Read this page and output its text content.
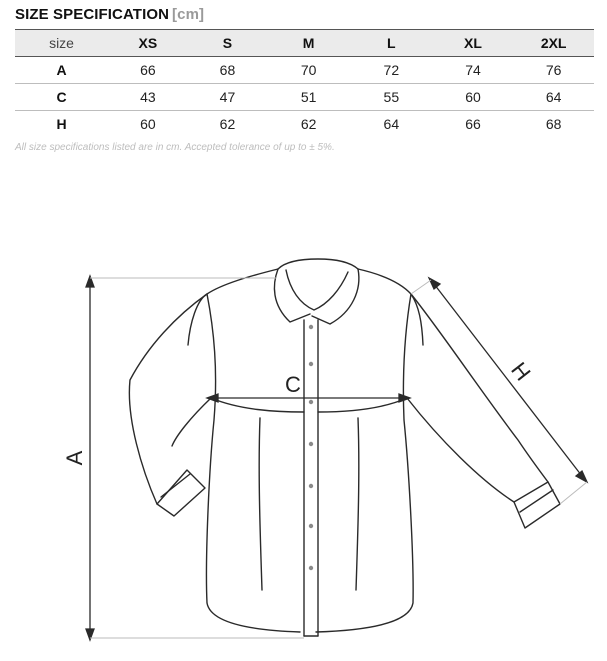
SIZE SPECIFICATION [cm]
size	XS	S	M	L	XL	2XL
A	66	68	70	72	74	76
C	43	47	51	55	60	64
H	60	62	62	64	66	68

All size specifications listed are in cm. Accepted tolerance of up to ± 5%.

A
C	H
